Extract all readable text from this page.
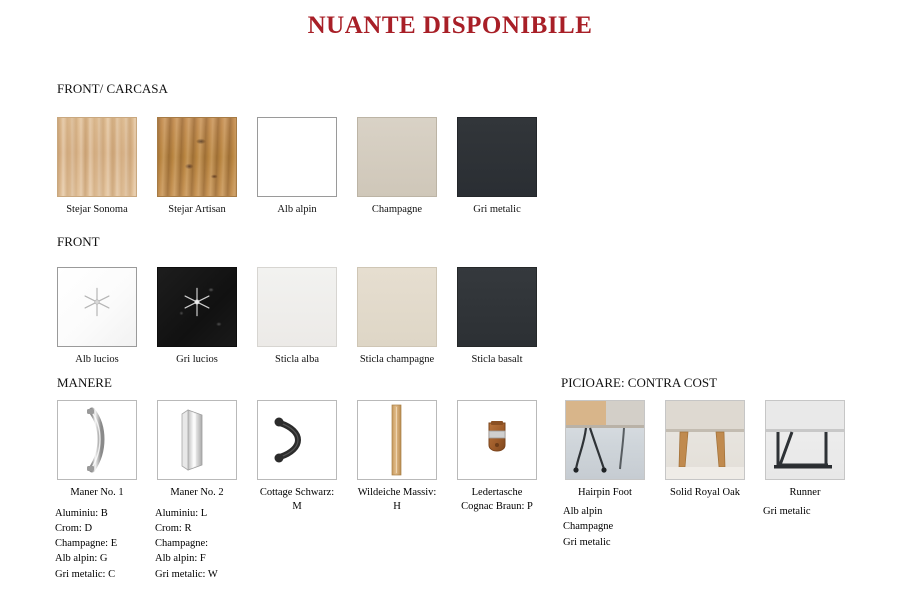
NUANTE DISPONIBILE
FRONT/ CARCASA
Stejar Sonoma	Stejar Artisan	Alb alpin	Champagne	Gri metalic
FRONT
Alb lucios	Gri lucios	Sticla alba	Sticla champagne	Sticla basalt
MANERE
Maner No. 1
Aluminiu: B
Crom: D
Champagne: E
Alb alpin: G
Gri metalic: C
Maner No. 2
Aluminiu: L
Crom: R
Champagne:
Alb alpin: F
Gri metalic: W
Cottage Schwarz: M
Wildeiche Massiv: H
Ledertasche Cognac Braun: P
PICIOARE: CONTRA COST
Hairpin Foot
Alb alpin
Champagne
Gri metalic
Solid Royal Oak	Runner
Gri metalic
